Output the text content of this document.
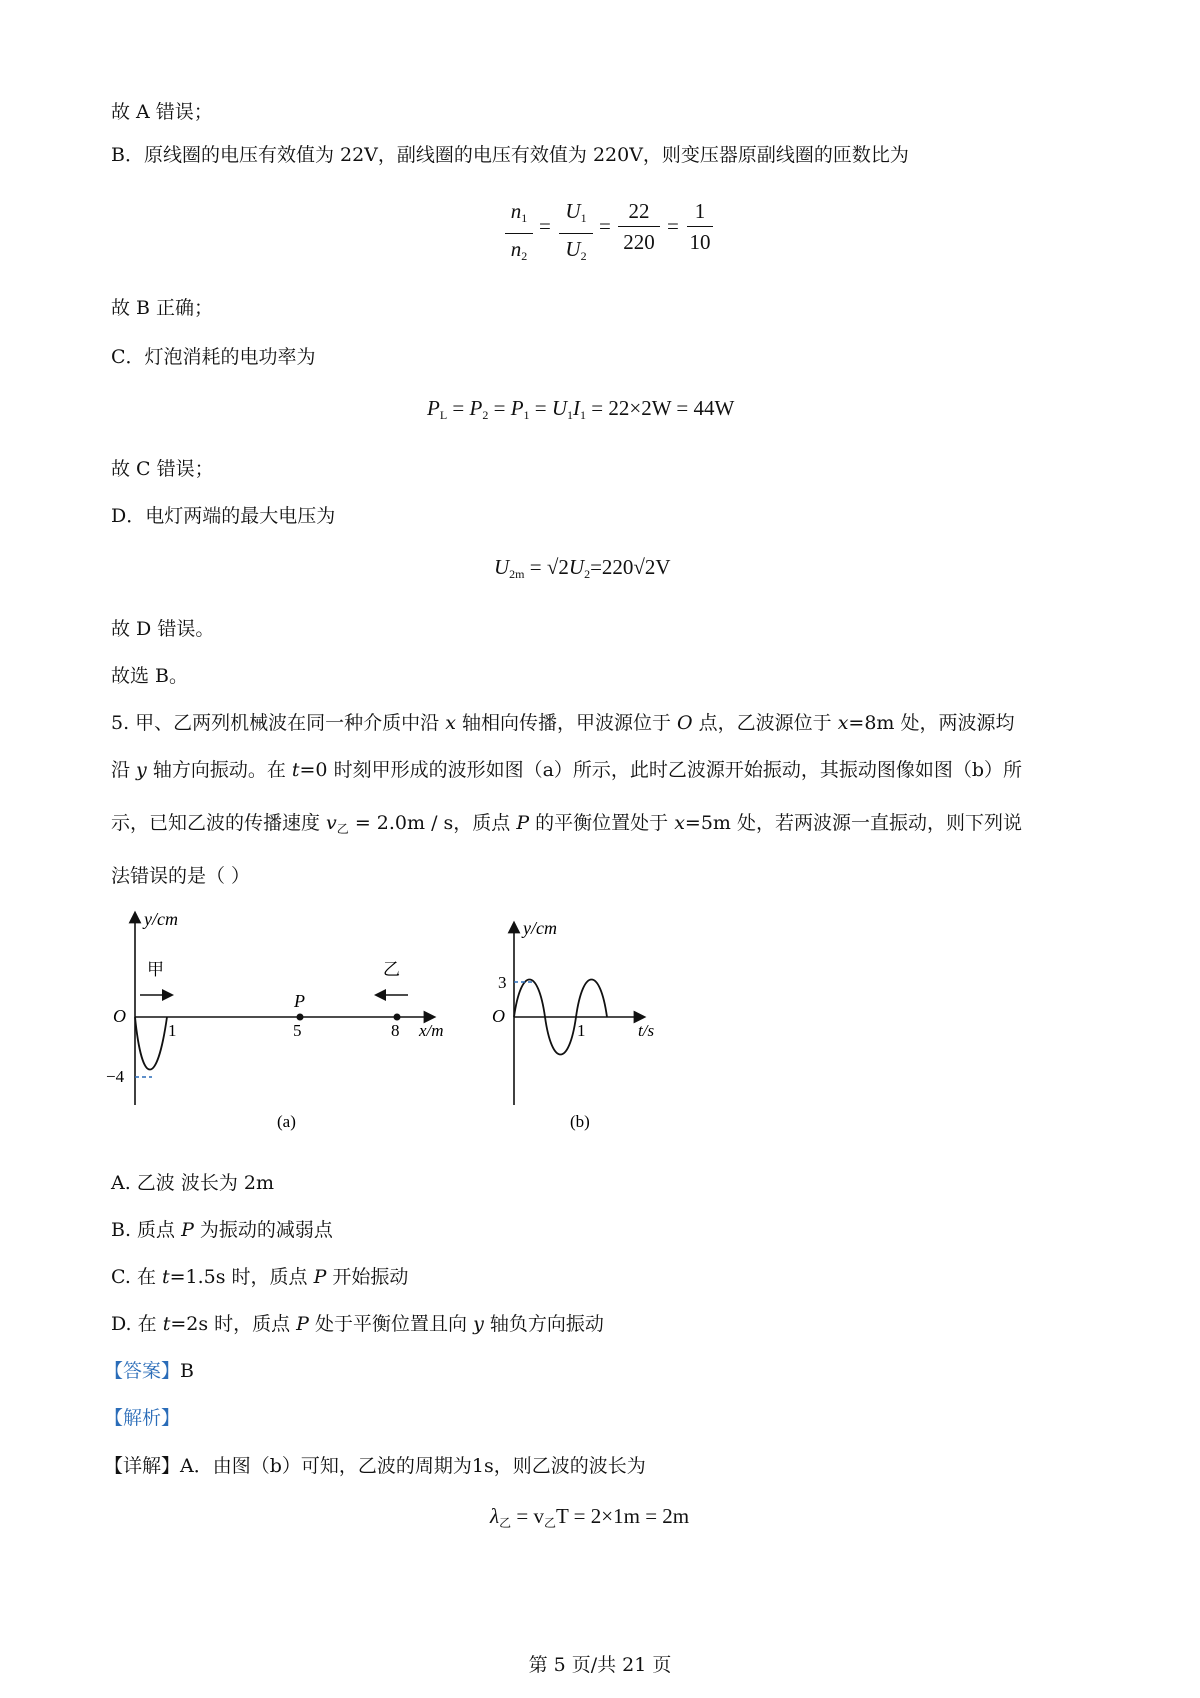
故 A 错误；
B．原线圈的电压有效值为 22V，副线圈的电压有效值为 220V，则变压器原副线圈的匝数比为
$n_1$
$n_2$
=
$U_1$
$U_2$
=
22
220
=
1
10
故 B 正确；
C．灯泡消耗的电功率为
$P_L = P_2 = P_1 = U_1I_1 = 22\times 2W = 44W$
故 C 错误；
D．电灯两端的最大电压为
$U_{2m} = √2U_2=220√2V$
故 D 错误。
故选 B。
5. 甲、乙两列机械波在同一种介质中沿 x 轴相向传播，甲波源位于 O 点，乙波源位于 x=8m 处，两波源均
沿 y 轴方向振动。在 t=0 时刻甲形成的波形如图（a）所示，此时乙波源开始振动，其振动图像如图（b）所
示，已知乙波的传播速度 $v_乙 = 2.0m / s$，质点 P 的平衡位置处于 x=5m 处，若两波源一直振动，则下列说
法错误的是（ ）
y/cm
O
1	5	8 x/m
−4
甲	乙
P
(a)
y/cm
O
3
1	t/s
(b)
A. 乙波 波长为 2m
B. 质点 P 为振动的减弱点
C. 在 t=1.5s 时，质点 P 开始振动
D. 在 t=2s 时，质点 P 处于平衡位置且向 y 轴负方向振动
【答案】B
【解析】
【详解】A．由图（b）可知，乙波的周期为1s，则乙波的波长为
$\lambda_乙 = v_乙T = 2\times 1m = 2m$
第 5 页/共 21 页
